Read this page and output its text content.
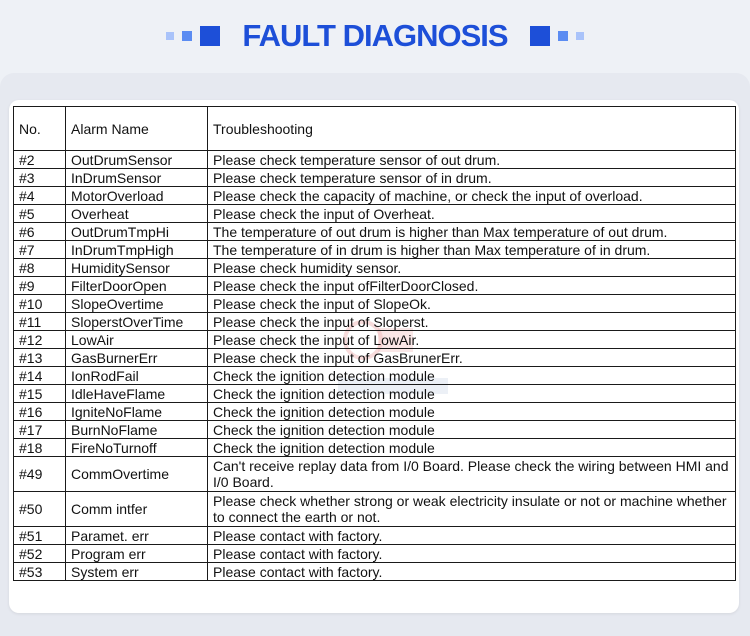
FAULT DIAGNOSIS
No.	Alarm Name	Troubleshooting
#2	OutDrumSensor	Please check temperature sensor of out drum.
#3	InDrumSensor	Please check temperature sensor of in drum.
#4	MotorOverload	Please check the capacity of machine, or check the input of overload.
#5	Overheat	Please check the input of Overheat.
#6	OutDrumTmpHi	The temperature of out drum is higher than Max temperature of out drum.
#7	InDrumTmpHigh	The temperature of in drum is higher than Max temperature of in drum.
#8	HumiditySensor	Please check humidity sensor.
#9	FilterDoorOpen	Please check the input ofFilterDoorClosed.
#10	SlopeOvertime	Please check the input of SlopeOk.
#11	SloperstOverTime	Please check the input of Sloperst.
#12	LowAir	Please check the input of LowAir.
#13	GasBurnerErr	Please check the input of GasBrunerErr.
#14	IonRodFail	Check the ignition detection module
#15	IdleHaveFlame	Check the ignition detection module
#16	IgniteNoFlame	Check the ignition detection module
#17	BurnNoFlame	Check the ignition detection module
#18	FireNoTurnoff	Check the ignition detection module
#49	CommOvertime	Can't receive replay data from I/0 Board. Please check the wiring between HMI and I/0 Board.
#50	Comm intfer	Please check whether strong or weak electricity insulate or not or machine whether to connect the earth or not.
#51	Paramet. err	Please contact with factory.
#52	Program err	Please contact with factory.
#53	System err	Please contact with factory.
